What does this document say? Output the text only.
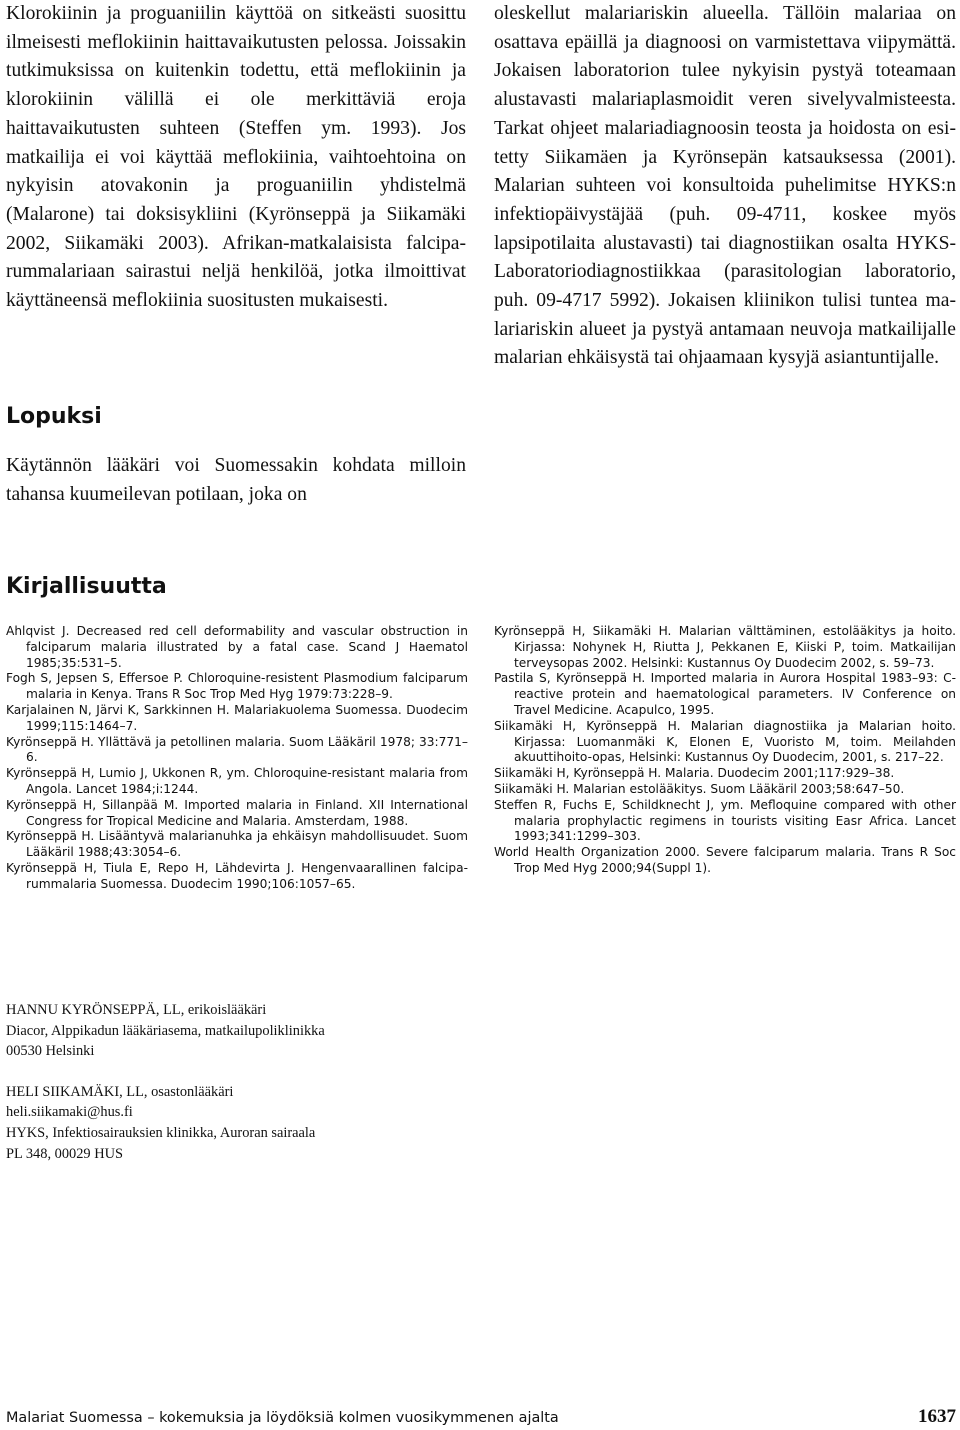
Klorokiinin ja proguaniilin käyttöä on sitkeästi suosittu ilmeisesti meflokiinin haittavaikutusten pelossa. Joissakin tutkimuksissa on kuitenkin todettu, että meflokiinin ja klorokiinin välillä ei ole merkittäviä eroja haittavaikutusten suhteen (Steffen ym. 1993). Jos matkailija ei voi käyttää meflokiinia, vaihtoehtoina on nykyisin atovakonin ja proguaniilin yhdistelmä (Malarone) tai doksisykliini (Kyrönseppä ja Siikamäki 2002, Siikamäki 2003). Afrikan-matkalaisista falciparummalariaan sairastui neljä henkilöä, jotka ilmoittivat käyttäneensä meflokiinia suositusten mukaisesti.

Lopuksi

Käytännön lääkäri voi Suomessakin kohdata milloin tahansa kuumeilevan potilaan, joka on

oleskellut malariariskin alueella. Tällöin malariaa on osattava epäillä ja diagnoosi on varmistettava viipymättä. Jokaisen laboratorion tulee nykyisin pystyä toteamaan alustavasti malariaplasmoidit veren sivelyvalmisteesta. Tarkat ohjeet malariadiagnoosin teosta ja hoidosta on esitetty Siikamäen ja Kyrönsepän katsauksessa (2001). Malarian suhteen voi konsultoida puhelimitse HYKS:n infektiopäivystäjää (puh. 09-4711, koskee myös lapsipotilaita alustavasti) tai diagnostiikan osalta HYKS-Laboratoriodiagnostiikkaa (parasitologian laboratorio, puh. 09-4717 5992). Jokaisen kliinikon tulisi tuntea malariariskin alueet ja pystyä antamaan neuvoja matkailijalle malarian ehkäisystä tai ohjaamaan kysyjä asiantuntijalle.

Kirjallisuutta

Ahlqvist J. Decreased red cell deformability and vascular obstruction in falciparum malaria illustrated by a fatal case. Scand J Haematol 1985;35:531–5.

Fogh S, Jepsen S, Effersoe P. Chloroquine-resistent Plasmodium falciparum malaria in Kenya. Trans R Soc Trop Med Hyg 1979:73:228–9.

Karjalainen N, Järvi K, Sarkkinnen H. Malariakuolema Suomessa. Duodecim 1999;115:1464–7.

Kyrönseppä H. Yllättävä ja petollinen malaria. Suom Lääkäril 1978; 33:771–6.

Kyrönseppä H, Lumio J, Ukkonen R, ym. Chloroquine-resistant malaria from Angola. Lancet 1984;i:1244.

Kyrönseppä H, Sillanpää M. Imported malaria in Finland. XII International Congress for Tropical Medicine and Malaria. Amsterdam, 1988.

Kyrönseppä H. Lisääntyvä malarianuhka ja ehkäisyn mahdollisuudet. Suom Lääkäril 1988;43:3054–6.

Kyrönseppä H, Tiula E, Repo H, Lähdevirta J. Hengenvaarallinen falciparummalaria Suomessa. Duodecim 1990;106:1057–65.

Kyrönseppä H, Siikamäki H. Malarian välttäminen, estolääkitys ja hoito. Kirjassa: Nohynek H, Riutta J, Pekkanen E, Kiiski P, toim. Matkailijan terveysopas 2002. Helsinki: Kustannus Oy Duodecim 2002, s. 59–73.

Pastila S, Kyrönseppä H. Imported malaria in Aurora Hospital 1983–93: C-reactive protein and haematological parameters. IV Conference on Travel Medicine. Acapulco, 1995.

Siikamäki H, Kyrönseppä H. Malarian diagnostiika ja Malarian hoito. Kirjassa: Luomanmäki K, Elonen E, Vuoristo M, toim. Meilahden akuuttihoito-opas, Helsinki: Kustannus Oy Duodecim, 2001, s. 217–22.

Siikamäki H, Kyrönseppä H. Malaria. Duodecim 2001;117:929–38.

Siikamäki H. Malarian estolääkitys. Suom Lääkäril 2003;58:647–50.

Steffen R, Fuchs E, Schildknecht J, ym. Mefloquine compared with other malaria prophylactic regimens in tourists visiting Easr Africa. Lancet 1993;341:1299–303.

World Health Organization 2000. Severe falciparum malaria. Trans R Soc Trop Med Hyg 2000;94(Suppl 1).

HANNU KYRÖNSEPPÄ, LL, erikoislääkäri
Diacor, Alppikadun lääkäriasema, matkailupoliklinikka
00530 Helsinki
HELI SIIKAMÄKI, LL, osastonlääkäri
heli.siikamaki@hus.fi
HYKS, Infektiosairauksien klinikka, Auroran sairaala
PL 348, 00029 HUS
Malariat Suomessa – kokemuksia ja löydöksiä kolmen vuosikymmenen ajalta	1637
